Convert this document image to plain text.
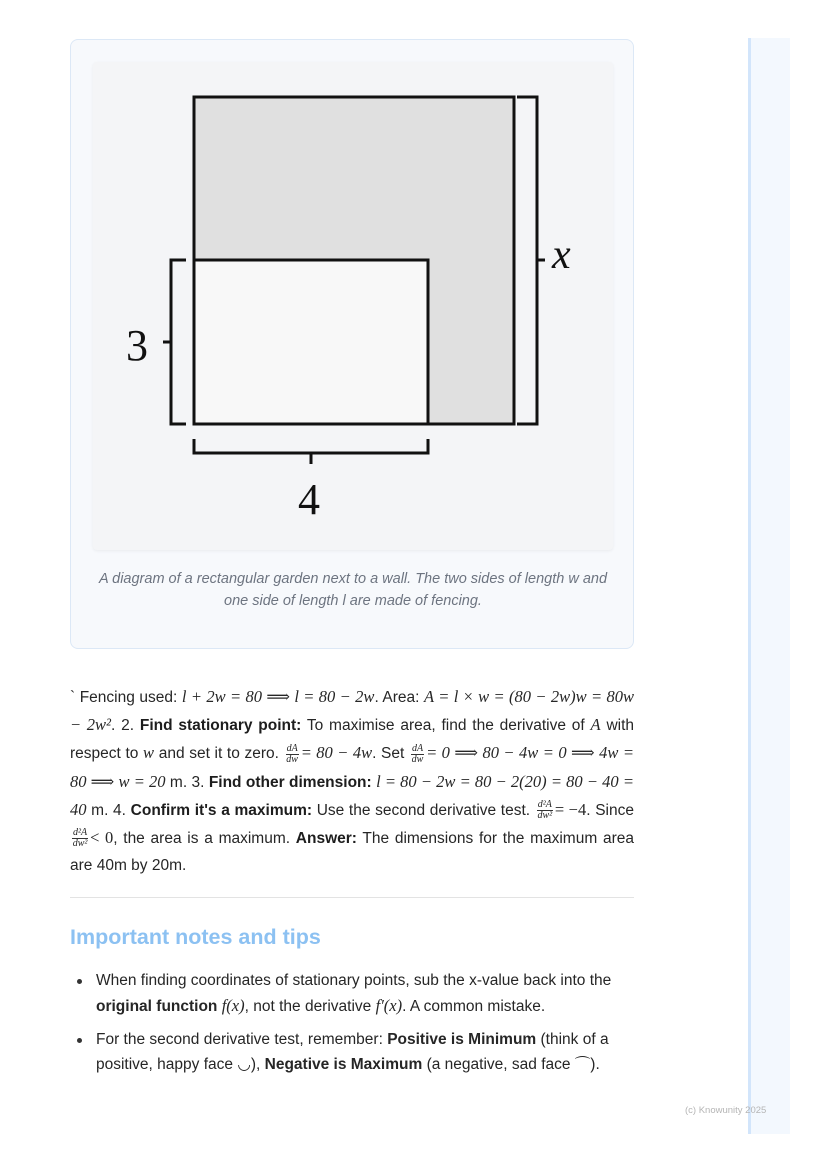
x
3
4
A diagram of a rectangular garden next to a wall. The two sides of length w and one side of length l are made of fencing.
` Fencing used: l + 2w = 80 ⟹ l = 80 − 2w. Area: A = l × w = (80 − 2w)w = 80w − 2w². 2. Find stationary point: To maximise area, find the derivative of A with respect to w and set it to zero. $\frac{dA}{dw} = 80 - 4w$. Set $\frac{dA}{dw} = 0$ ⟹ 80 − 4w = 0 ⟹ 4w = 80 ⟹ w = 20 m. 3. Find other dimension: l = 80 − 2w = 80 − 2(20) = 80 − 40 = 40 m. 4. Confirm it's a maximum: Use the second derivative test. $\frac{\text{d²A}}{\text{dw²}} = -4$. Since
$\frac{\text{d²A}}{\text{dw²}} < 0$, the area is a maximum. Answer: The dimensions for the maximum area are 40m by 20m.
Important notes and tips
When finding coordinates of stationary points, sub the x-value back into the original function f(x), not the derivative f′(x). A common mistake.
For the second derivative test, remember: Positive is Minimum (think of a positive, happy face ◡), Negative is Maximum (a negative, sad face ⌒).
(c) Knowunity 2025
